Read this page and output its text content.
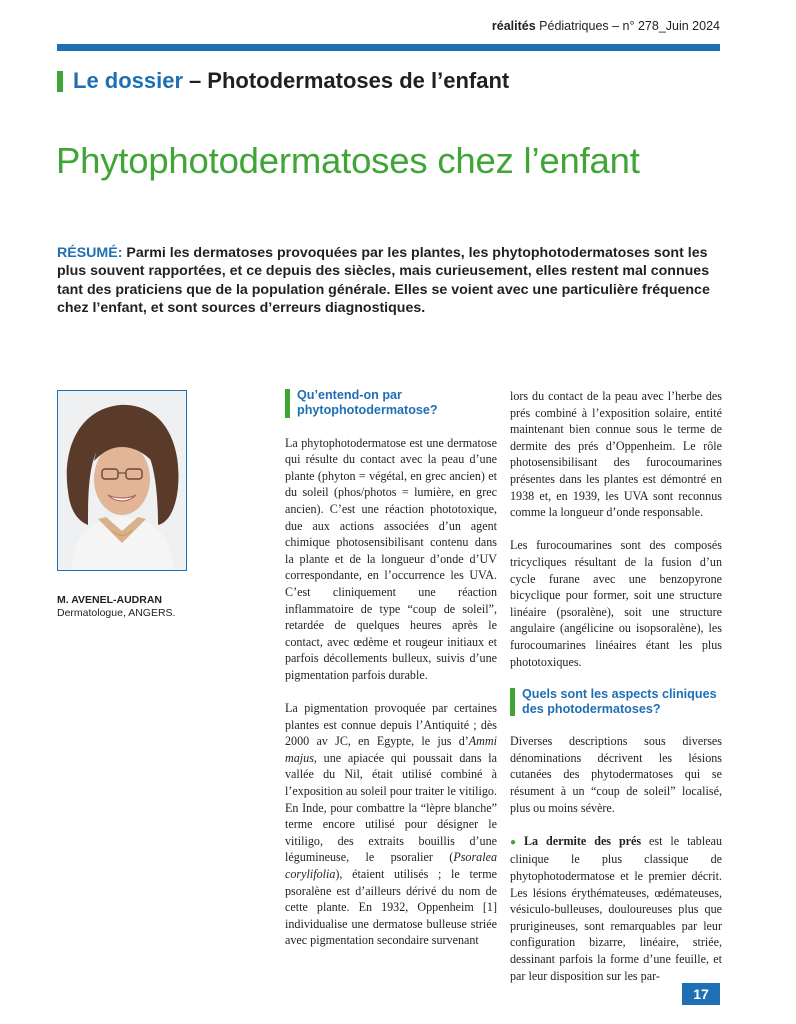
réalités Pédiatriques – n° 278_Juin 2024
Le dossier – Photodermatoses de l’enfant
Phytophotodermatoses chez l’enfant

RÉSUMÉ: Parmi les dermatoses provoquées par les plantes, les phytophotodermatoses sont les plus souvent rapportées, et ce depuis des siècles, mais curieusement, elles restent mal connues tant des praticiens que de la population générale. Elles se voient avec une particulière fréquence chez l’enfant, et sont sources d’erreurs diagnostiques.

M. AVENEL-AUDRAN
Dermatologue, ANGERS.
Qu’entend-on par phytophotodermatose?

La phytophotodermatose est une dermatose qui résulte du contact avec la peau d’une plante (phyton = végétal, en grec ancien) et du soleil (phos/photos = lumière, en grec ancien). C’est une réaction phototoxique, due aux actions associées d’un agent chimique photosensibilisant contenu dans la plante et de la longueur d’onde d’UV correspondante, en l’occurrence les UVA. C’est cliniquement une réaction inflammatoire de type “coup de soleil”, retardée de quelques heures après le contact, avec œdème et rougeur initiaux et parfois décollements bulleux, suivis d’une pigmentation parfois durable.

La pigmentation provoquée par certaines plantes est connue depuis l’Antiquité ; dès 2000 av JC, en Egypte, le jus d’Ammi majus, une apiacée qui poussait dans la vallée du Nil, était utilisé combiné à l’exposition au soleil pour traiter le vitiligo. En Inde, pour combattre la “lèpre blanche” terme encore utilisé pour désigner le vitiligo, des extraits bouillis d’une légumineuse, le psoralier (Psoralea corylifolia), étaient utilisés ; le terme psoralène est d’ailleurs dérivé du nom de cette plante. En 1932, Oppenheim [1] individualise une dermatose bulleuse striée avec pigmentation secondaire survenant

lors du contact de la peau avec l’herbe des prés combiné à l’exposition solaire, entité maintenant bien connue sous le terme de dermite des prés d’Oppenheim. Le rôle photosensibilisant des furocoumarines présentes dans les plantes est démontré en 1938 et, en 1939, les UVA sont reconnus comme la longueur d’onde responsable.

Les furocoumarines sont des composés tricycliques résultant de la fusion d’un cycle furane avec une benzopyrone bicyclique pour former, soit une structure linéaire (psoralène), soit une structure angulaire (angélicine ou isopsoralène), les furocoumarines linéaires étant les plus phototoxiques.

Quels sont les aspects cliniques des photodermatoses?

Diverses descriptions sous diverses dénominations décrivent les lésions cutanées des phytodermatoses qui se résument à un “coup de soleil” localisé, plus ou moins sévère.

● La dermite des prés est le tableau clinique le plus classique de phytophotodermatose et le premier décrit. Les lésions érythémateuses, œdémateuses, vésiculo-bulleuses, douloureuses plus que prurigineuses, sont remarquables par leur configuration bizarre, linéaire, striée, dessinant parfois la forme d’une feuille, et par leur disposition sur les par-

17
